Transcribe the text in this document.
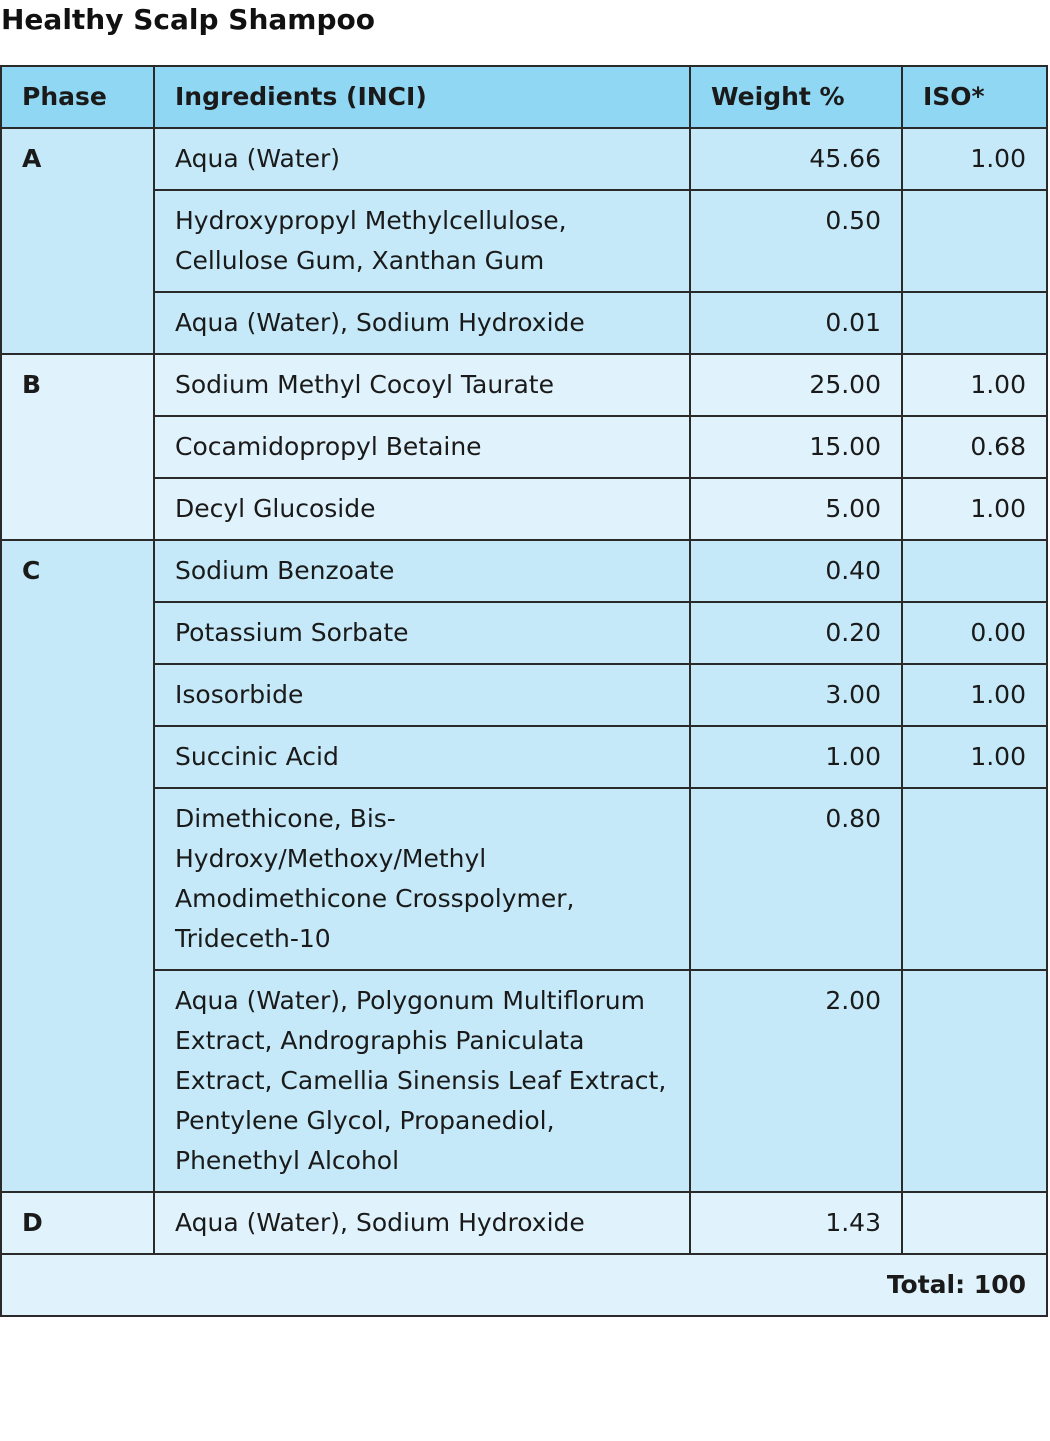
Healthy Scalp Shampoo
Phase	Ingredients (INCI)	Weight %	ISO*
A	Aqua (Water)	45.66	1.00
	Hydroxypropyl Methylcellulose, Cellulose Gum, Xanthan Gum	0.50	
	Aqua (Water), Sodium Hydroxide	0.01	
B	Sodium Methyl Cocoyl Taurate	25.00	1.00
	Cocamidopropyl Betaine	15.00	0.68
	Decyl Glucoside	5.00	1.00
C	Sodium Benzoate	0.40	
	Potassium Sorbate	0.20	0.00
	Isosorbide	3.00	1.00
	Succinic Acid	1.00	1.00
	Dimethicone, Bis-Hydroxy/Methoxy/Methyl Amodimethicone Crosspolymer, Trideceth-10	0.80	
	Aqua (Water), Polygonum Multiflorum Extract, Andrographis Paniculata Extract, Camellia Sinensis Leaf Extract, Pentylene Glycol, Propanediol, Phenethyl Alcohol	2.00	
D	Aqua (Water), Sodium Hydroxide	1.43	
Total: 100			
